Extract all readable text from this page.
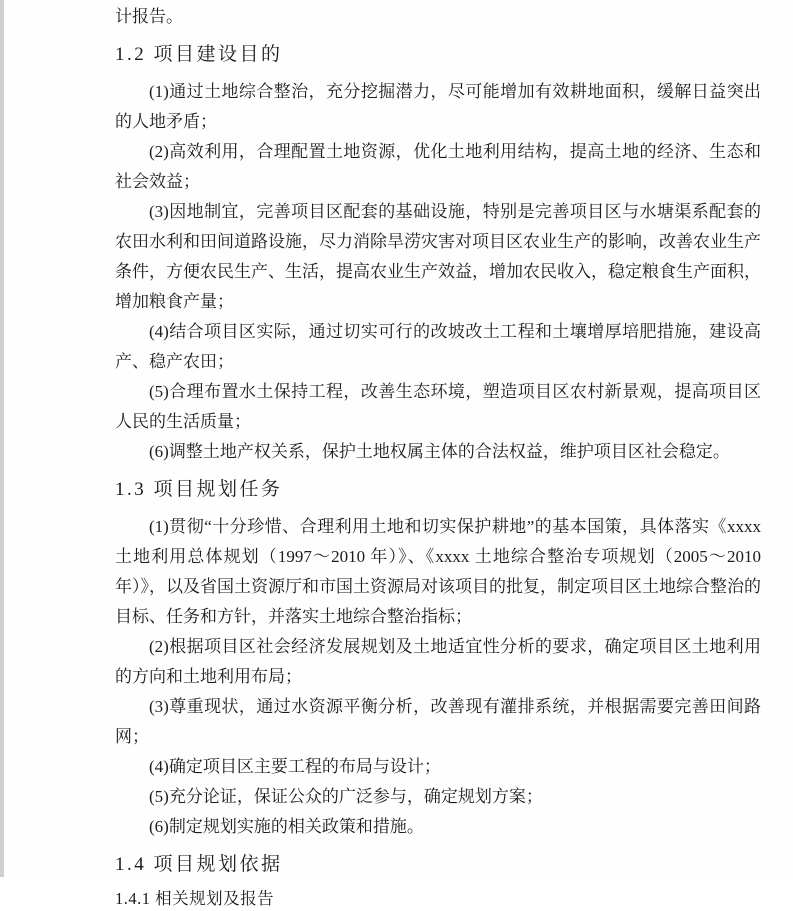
计报告。

1.2 项目建设目的

(1)通过土地综合整治，充分挖掘潜力，尽可能增加有效耕地面积，缓解日益突出的人地矛盾；

(2)高效利用，合理配置土地资源，优化土地利用结构，提高土地的经济、生态和社会效益；

(3)因地制宜，完善项目区配套的基础设施，特别是完善项目区与水塘渠系配套的农田水利和田间道路设施，尽力消除旱涝灾害对项目区农业生产的影响，改善农业生产条件，方便农民生产、生活，提高农业生产效益，增加农民收入，稳定粮食生产面积，增加粮食产量；

(4)结合项目区实际，通过切实可行的改坡改土工程和土壤增厚培肥措施，建设高产、稳产农田；

(5)合理布置水土保持工程，改善生态环境，塑造项目区农村新景观，提高项目区人民的生活质量；

(6)调整土地产权关系，保护土地权属主体的合法权益，维护项目区社会稳定。

1.3 项目规划任务

(1)贯彻“十分珍惜、合理利用土地和切实保护耕地”的基本国策，具体落实《xxxx土地利用总体规划（1997～2010 年）》、《xxxx 土地综合整治专项规划（2005～2010 年）》，以及省国土资源厅和市国土资源局对该项目的批复，制定项目区土地综合整治的目标、任务和方针，并落实土地综合整治指标；

(2)根据项目区社会经济发展规划及土地适宜性分析的要求，确定项目区土地利用的方向和土地利用布局；

(3)尊重现状，通过水资源平衡分析，改善现有灌排系统，并根据需要完善田间路网；

(4)确定项目区主要工程的布局与设计；

(5)充分论证，保证公众的广泛参与，确定规划方案；

(6)制定规划实施的相关政策和措施。

1.4 项目规划依据
1.4.1 相关规划及报告
